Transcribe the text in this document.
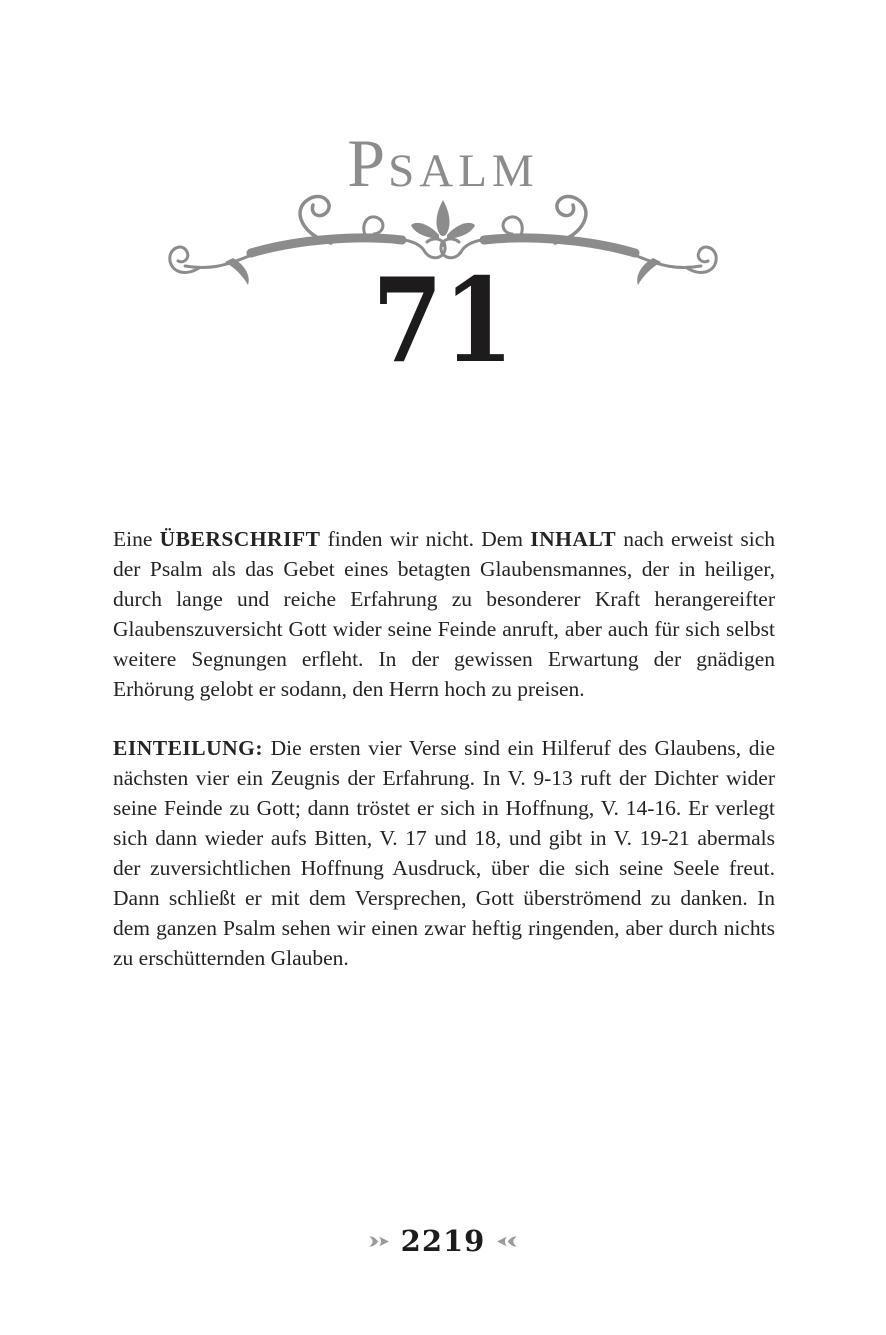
PSALM
71

Eine ÜBERSCHRIFT finden wir nicht. Dem INHALT nach erweist sich der Psalm als das Gebet eines betagten Glaubensmannes, der in heiliger, durch lange und reiche Erfahrung zu besonderer Kraft herangereifter Glaubenszuversicht Gott wider seine Feinde anruft, aber auch für sich selbst weitere Segnungen erfleht. In der gewissen Erwartung der gnädigen Erhörung gelobt er sodann, den Herrn hoch zu preisen.

EINTEILUNG: Die ersten vier Verse sind ein Hilferuf des Glaubens, die nächsten vier ein Zeugnis der Erfahrung. In V. 9-13 ruft der Dichter wider seine Feinde zu Gott; dann tröstet er sich in Hoffnung, V. 14-16. Er verlegt sich dann wieder aufs Bitten, V. 17 und 18, und gibt in V. 19-21 abermals der zuversichtlichen Hoffnung Ausdruck, über die sich seine Seele freut. Dann schließt er mit dem Versprechen, Gott überströmend zu danken. In dem ganzen Psalm sehen wir einen zwar heftig ringenden, aber durch nichts zu erschütternden Glauben.

2219
